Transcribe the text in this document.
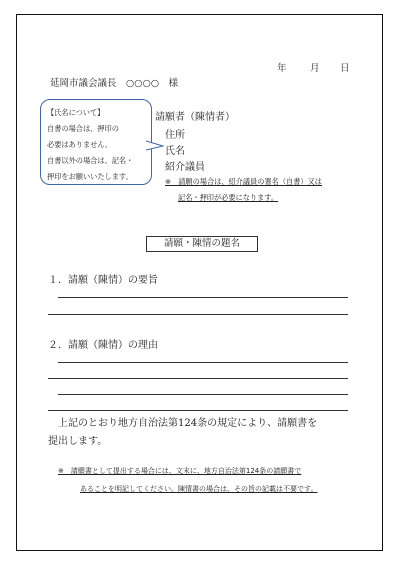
年 月 日
延岡市議会議長　○○○○　様
【氏名について】
自書の場合は、押印の
必要はありません。
自書以外の場合は、記名・
押印をお願いいたします。
請願者（陳情者）
住所
氏名
紹介議員
※　請願の場合は、紹介議員の署名（自書）又は
記名・押印が必要になります。
請願・陳情の題名
１．請願（陳情）の要旨
２．請願（陳情）の理由
上記のとおり地方自治法第124条の規定により、請願書を
提出します。
※　請願書として提出する場合には、文末に、地方自治法第124条の請願書で
あることを明記してください。陳情書の場合は、その旨の記載は不要です。
